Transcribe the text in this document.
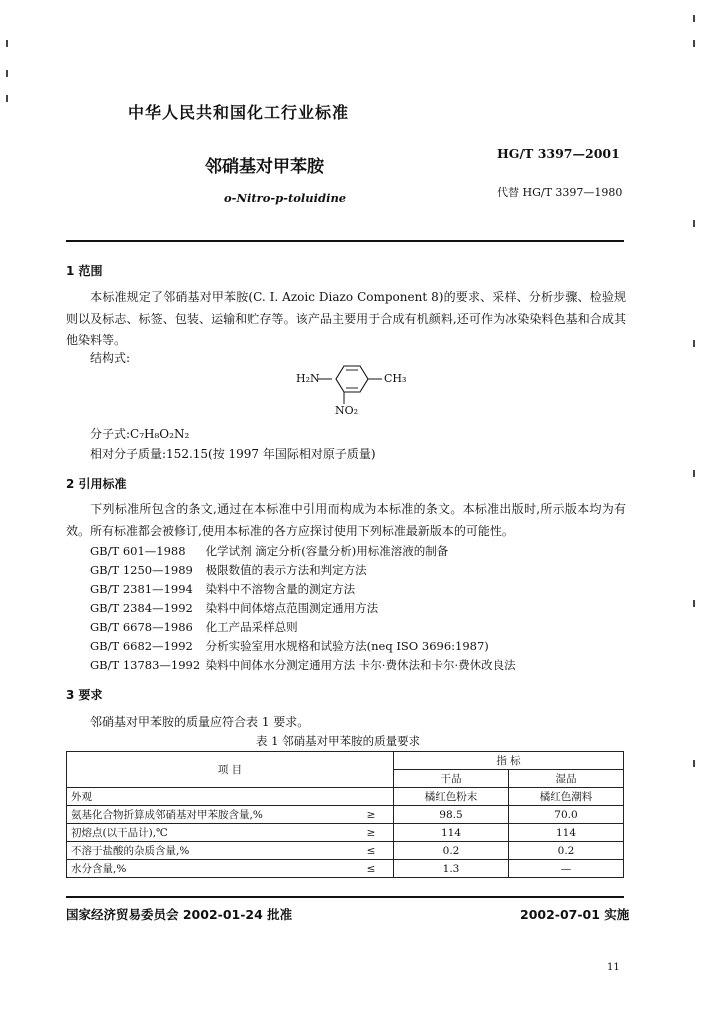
中华人民共和国化工行业标准
HG/T 3397—2001
邻硝基对甲苯胺
代替 HG/T 3397—1980
o-Nitro-p-toluidine
1 范围
本标准规定了邻硝基对甲苯胺(C. I. Azoic Diazo Component 8)的要求、采样、分析步骤、检验规则以及标志、标签、包装、运输和贮存等。该产品主要用于合成有机颜料,还可作为冰染染料色基和合成其他染料等。
结构式:
H₂N	CH₃
NO₂
分子式:C₇H₈O₂N₂
相对分子质量:152.15(按 1997 年国际相对原子质量)
2 引用标准
下列标准所包含的条文,通过在本标准中引用而构成为本标准的条文。本标准出版时,所示版本均为有效。所有标准都会被修订,使用本标准的各方应探讨使用下列标准最新版本的可能性。
GB/T 601—1988 化学试剂 滴定分析(容量分析)用标准溶液的制备
GB/T 1250—1989 极限数值的表示方法和判定方法
GB/T 2381—1994 染料中不溶物含量的测定方法
GB/T 2384—1992 染料中间体熔点范围测定通用方法
GB/T 6678—1986 化工产品采样总则
GB/T 6682—1992 分析实验室用水规格和试验方法(neq ISO 3696:1987)
GB/T 13783—1992 染料中间体水分测定通用方法 卡尔·费休法和卡尔·费休改良法
3 要求
邻硝基对甲苯胺的质量应符合表 1 要求。
表 1 邻硝基对甲苯胺的质量要求
项 目		指 标	
		干品	湿品
外观		橘红色粉末	橘红色潮料
氨基化合物折算成邻硝基对甲苯胺含量,%	≥	98.5	70.0
初熔点(以干品计),℃	≥	114	114
不溶于盐酸的杂质含量,%	≤	0.2	0.2
水分含量,%	≤	1.3	—
国家经济贸易委员会 2002-01-24 批准	2002-07-01 实施
11
